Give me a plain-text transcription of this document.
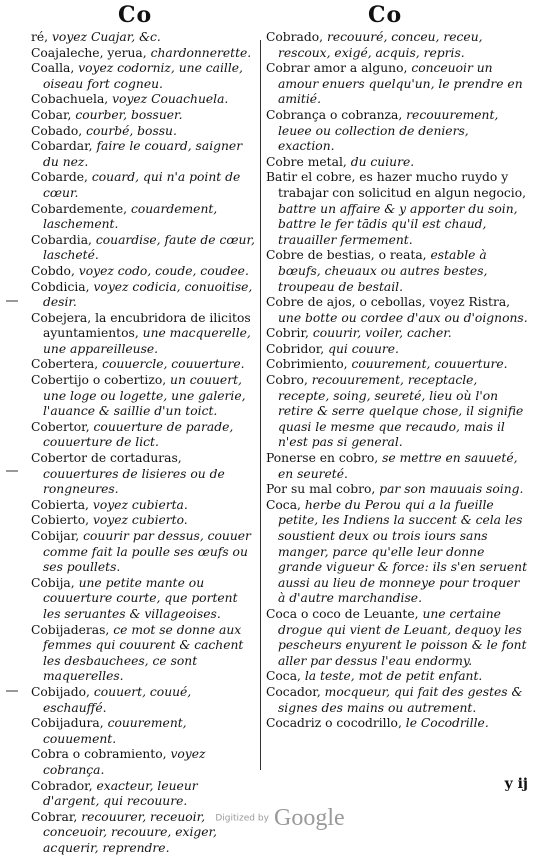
Co	Co

ré, voyez Cuajar, &c.

Coajaleche, yerua, chardonnerette.

Coalla, voyez codorniz, une caille, oiseau fort cogneu.

Cobachuela, voyez Couachuela.

Cobar, courber, bossuer.

Cobado, courbé, bossu.

Cobardar, faire le couard, saigner du nez.

Cobarde, couard, qui n'a point de cœur.

Cobardemente, couardement, laschement.

Cobardia, couardise, faute de cœur, lascheté.

Cobdo, voyez codo, coude, coudee.

Cobdicia, voyez codicia, conuoitise, desir.

Cobejera, la encubridora de ilicitos ayuntamientos, une macquerelle, une appareilleuse.

Cobertera, couuercle, couuerture.

Cobertijo o cobertizo, un couuert, une loge ou logette, une galerie, l'auance & saillie d'un toict.

Cobertor, couuerture de parade, couuerture de lict.

Cobertor de cortaduras, couuertures de lisieres ou de rongneures.

Cobierta, voyez cubierta.

Cobierto, voyez cubierto.

Cobijar, couurir par dessus, couuer comme fait la poulle ses œufs ou ses poullets.

Cobija, une petite mante ou couuerture courte, que portent les seruantes & villageoises.

Cobijaderas, ce mot se donne aux femmes qui couurent & cachent les desbauchees, ce sont maquerelles.

Cobijado, couuert, couué, eschauffé.

Cobijadura, couurement, couuement.

Cobra o cobramiento, voyez cobrança.

Cobrador, exacteur, leueur d'argent, qui recouure.

Cobrar, recouurer, receuoir, conceuoir, recouure, exiger, acquerir, reprendre.

Cobrado, recouuré, conceu, receu, rescoux, exigé, acquis, repris.

Cobrar amor a alguno, conceuoir un amour enuers quelqu'un, le prendre en amitié.

Cobrança o cobranza, recouurement, leuee ou collection de deniers, exaction.

Cobre metal, du cuiure.

Batir el cobre, es hazer mucho ruydo y trabajar con solicitud en algun negocio, battre un affaire & y apporter du soin, battre le fer tādis qu'il est chaud, trauailler fermement.

Cobre de bestias, o reata, estable à bœufs, cheuaux ou autres bestes, troupeau de bestail.

Cobre de ajos, o cebollas, voyez Ristra, une botte ou cordee d'aux ou d'oignons.

Cobrir, couurir, voiler, cacher.

Cobridor, qui couure.

Cobrimiento, couurement, couuerture.

Cobro, recouurement, receptacle, recepte, soing, seureté, lieu où l'on retire & serre quelque chose, il signifie quasi le mesme que recaudo, mais il n'est pas si general.

Ponerse en cobro, se mettre en sauueté, en seureté.

Por su mal cobro, par son mauuais soing.

Coca, herbe du Perou qui a la fueille petite, les Indiens la succent & cela les soustient deux ou trois iours sans manger, parce qu'elle leur donne grande vigueur & force: ils s'en seruent aussi au lieu de monneye pour troquer à d'autre marchandise.

Coca o coco de Leuante, une certaine drogue qui vient de Leuant, dequoy les pescheurs enyurent le poisson & le font aller par dessus l'eau endormy.

Coca, la teste, mot de petit enfant.

Cocador, mocqueur, qui fait des gestes & signes des mains ou autrement.

Cocadriz o cocodrillo, le Cocodrille.

y ij
Digitized by Google
